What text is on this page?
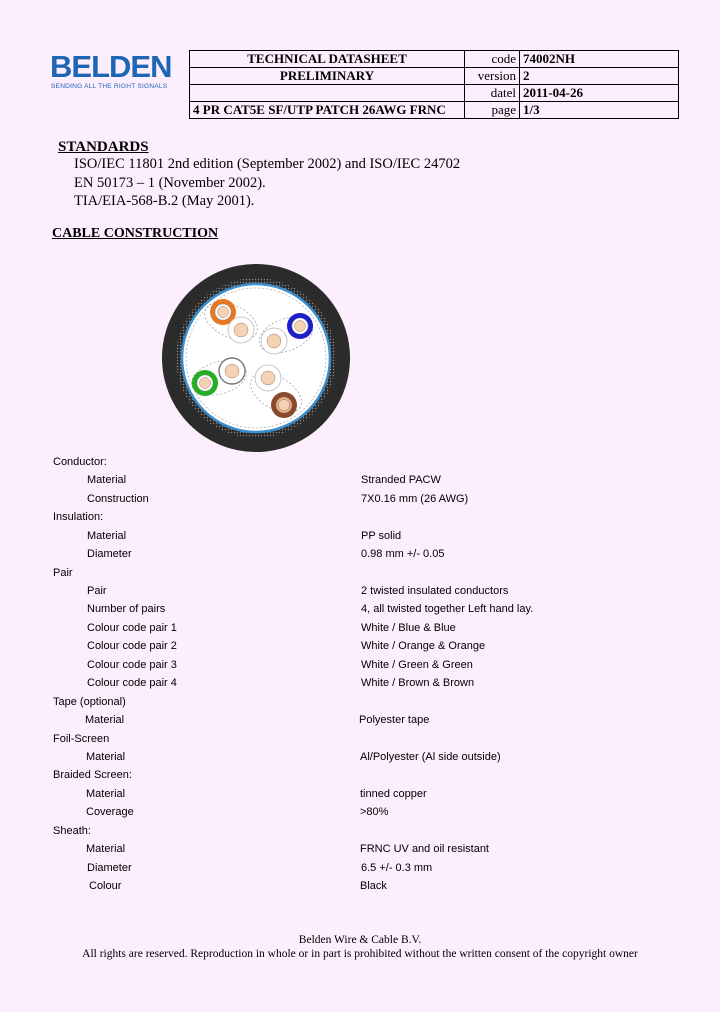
BELDEN
SENDING ALL THE RIGHT SIGNALS
TECHNICAL DATASHEET	code	74002NH
PRELIMINARY	version	2
	datel	2011-04-26
4 PR CAT5E SF/UTP PATCH 26AWG FRNC	page	1/3
STANDARDS
ISO/IEC 11801 2nd edition (September 2002) and ISO/IEC 24702
EN 50173 – 1 (November 2002).
TIA/EIA-568-B.2 (May 2001).
CABLE CONSTRUCTION
Conductor:
Material	Stranded PACW
Construction	7X0.16 mm (26 AWG)
Insulation:
Material	PP solid
Diameter	0.98 mm +/- 0.05
Pair
Pair	2 twisted insulated conductors
Number of pairs	4, all twisted together Left hand lay.
Colour code pair 1	White / Blue & Blue
Colour code pair 2	White / Orange & Orange
Colour code pair 3	White / Green & Green
Colour code pair 4	White / Brown & Brown
Tape (optional)
Material	Polyester tape
Foil-Screen
Material	Al/Polyester (Al side outside)
Braided Screen:
Material	tinned copper
Coverage	>80%
Sheath:
Material	FRNC UV and oil resistant
Diameter	6.5 +/- 0.3 mm
Colour	Black
Belden Wire & Cable B.V.
All rights are reserved. Reproduction in whole or in part is prohibited without the written consent of the copyright owner
